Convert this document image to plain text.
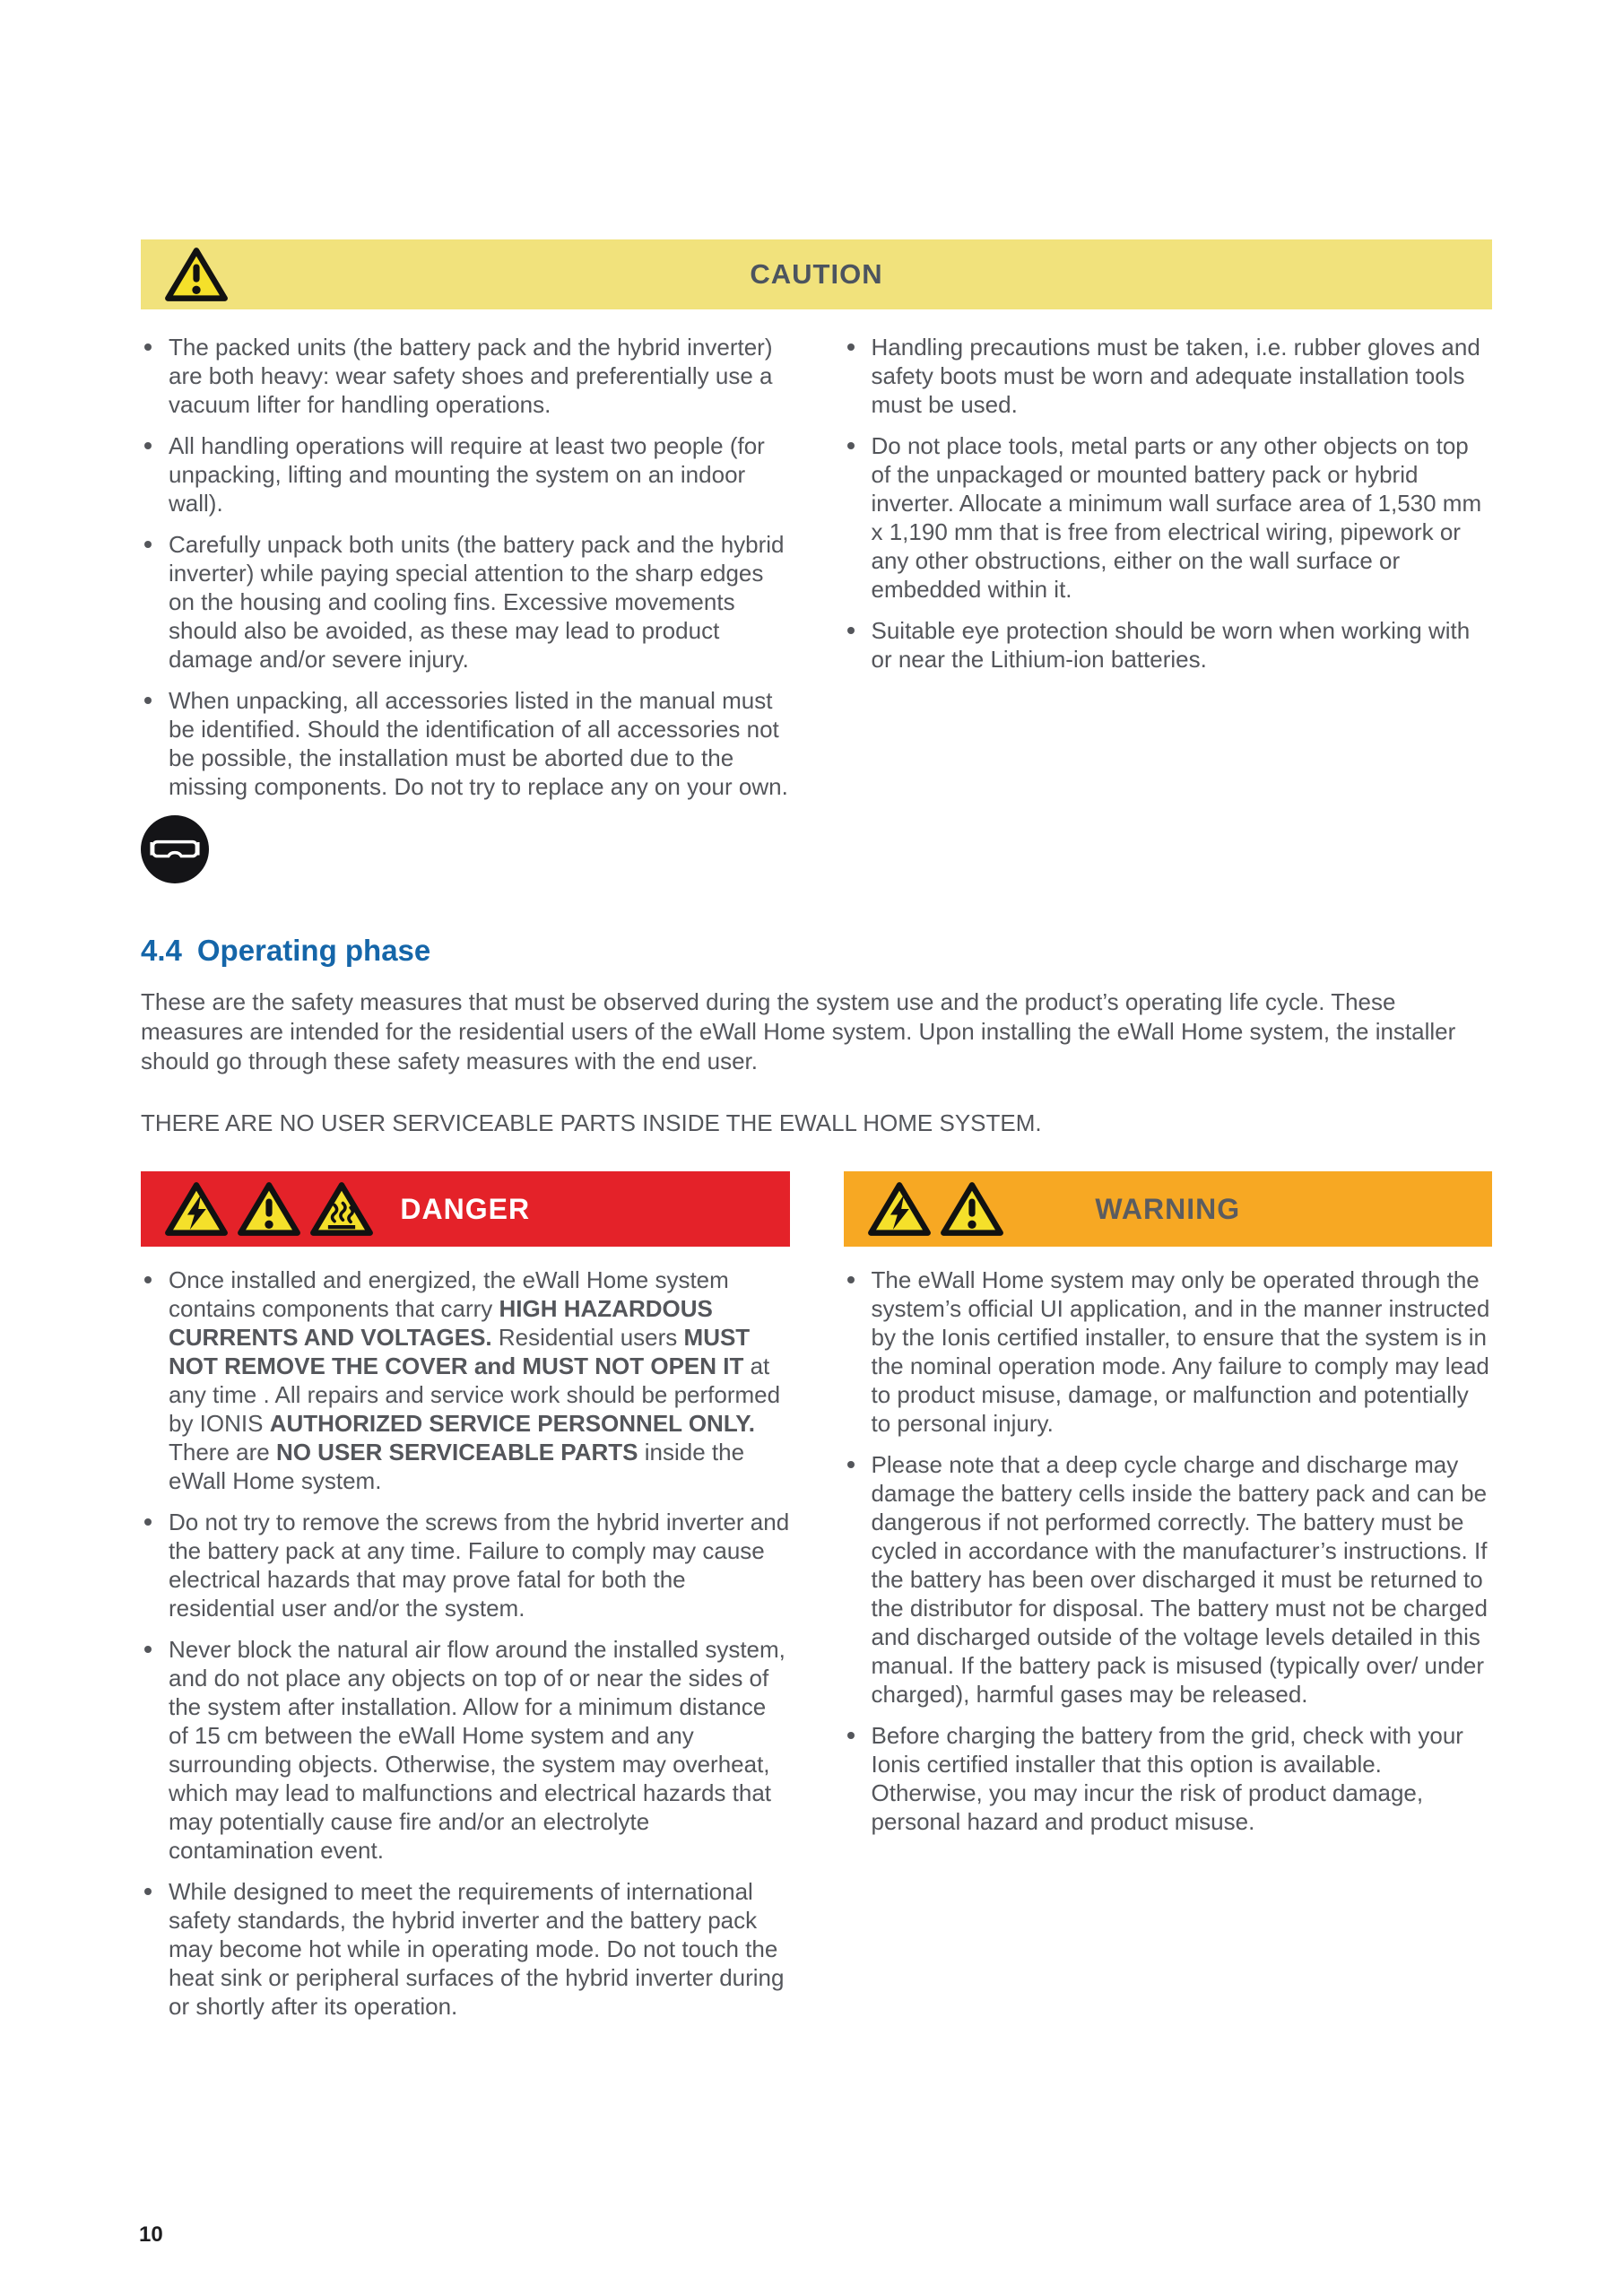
CAUTION
The packed units (the battery pack and the hybrid inverter) are both heavy: wear safety shoes and preferentially use a vacuum lifter for handling operations.
All handling operations will require at least two people (for unpacking, lifting and mounting the system on an indoor wall).
Carefully unpack both units (the battery pack and the hybrid inverter) while paying special attention to the sharp edges on the housing and cooling fins. Excessive movements should also be avoided, as these may lead to product damage and/or severe injury.
When unpacking, all accessories listed in the manual must be identified. Should the identification of all accessories not be possible, the installation must be aborted due to the missing components. Do not try to replace any on your own.
Handling precautions must be taken, i.e. rubber gloves and safety boots must be worn and adequate installation tools must be used.
Do not place tools, metal parts or any other objects on top of the unpackaged or mounted battery pack or hybrid inverter. Allocate a minimum wall surface area of 1,530 mm x 1,190 mm that is free from electrical wiring, pipework or any other obstructions, either on the wall surface or embedded within it.
Suitable eye protection should be worn when working with or near the Lithium-ion batteries.
4.4 Operating phase

These are the safety measures that must be observed during the system use and the product’s operating life cycle. These measures are intended for the residential users of the eWall Home system. Upon installing the eWall Home system, the installer should go through these safety measures with the end user.

THERE ARE NO USER SERVICEABLE PARTS INSIDE THE EWALL HOME SYSTEM.

DANGER
Once installed and energized, the eWall Home system contains components that carry HIGH HAZARDOUS CURRENTS AND VOLTAGES. Residential users MUST NOT REMOVE THE COVER and MUST NOT OPEN IT at any time . All repairs and service work should be performed by IONIS AUTHORIZED SERVICE PERSONNEL ONLY. There are NO USER SERVICEABLE PARTS inside the eWall Home system.
Do not try to remove the screws from the hybrid inverter and the battery pack at any time. Failure to comply may cause electrical hazards that may prove fatal for both the residential user and/or the system.
Never block the natural air flow around the installed system, and do not place any objects on top of or near the sides of the system after installation. Allow for a minimum distance of 15 cm between the eWall Home system and any surrounding objects. Otherwise, the system may overheat, which may lead to malfunctions and electrical hazards that may potentially cause fire and/or an electrolyte contamination event.
While designed to meet the requirements of international safety standards, the hybrid inverter and the battery pack may become hot while in operating mode. Do not touch the heat sink or peripheral surfaces of the hybrid inverter during or shortly after its operation.
WARNING
The eWall Home system may only be operated through the system’s official UI application, and in the manner instructed by the Ionis certified installer, to ensure that the system is in the nominal operation mode. Any failure to comply may lead to product misuse, damage, or malfunction and potentially to personal injury.
Please note that a deep cycle charge and discharge may damage the battery cells inside the battery pack and can be dangerous if not performed correctly. The battery must be cycled in accordance with the manufacturer’s instructions. If the battery has been over discharged it must be returned to the distributor for disposal. The battery must not be charged and discharged outside of the voltage levels detailed in this manual. If the battery pack is misused (typically over/ under charged), harmful gases may be released.
Before charging the battery from the grid, check with your Ionis certified installer that this option is available. Otherwise, you may incur the risk of product damage, personal hazard and product misuse.
10
